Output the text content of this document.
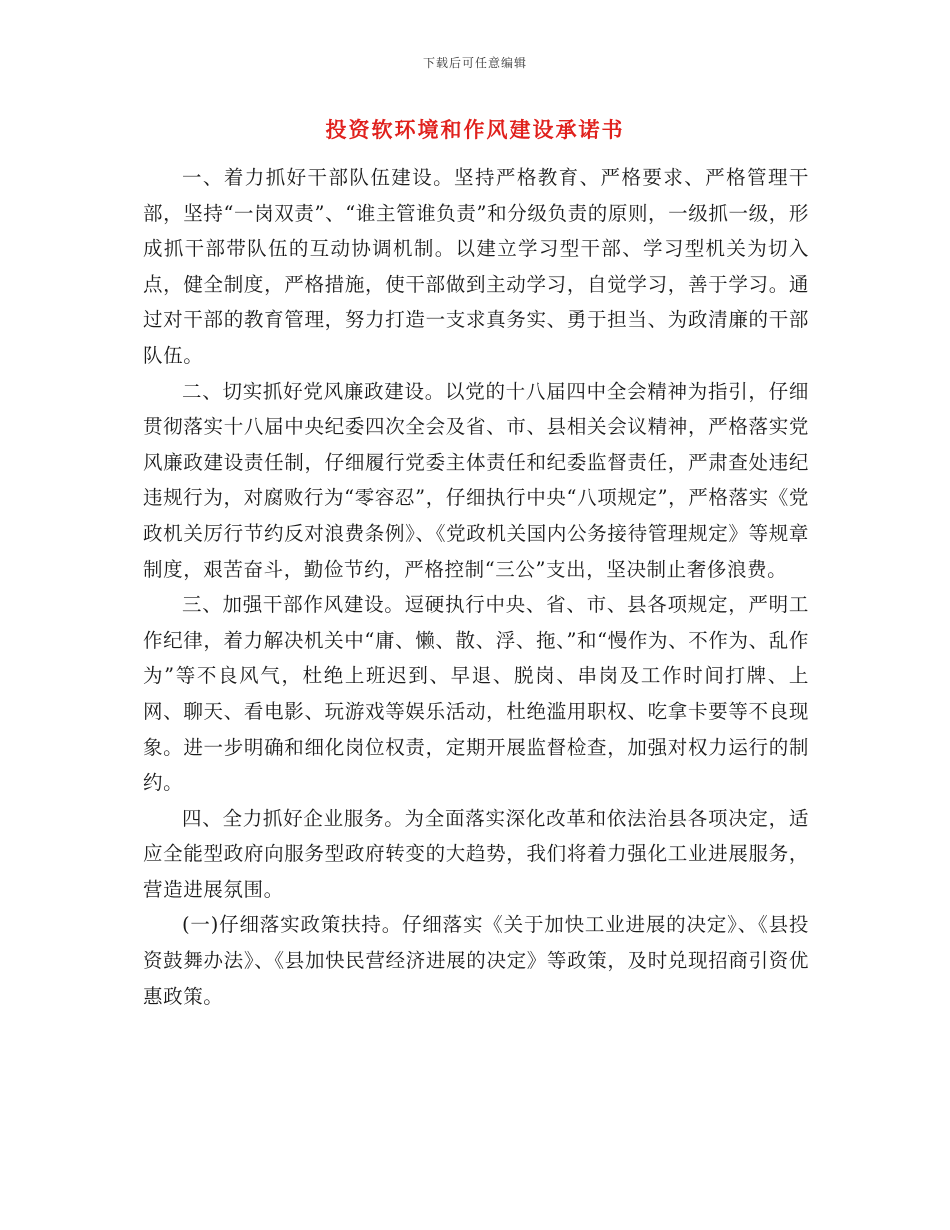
下载后可任意编辑
投资软环境和作风建设承诺书

一、着力抓好干部队伍建设。坚持严格教育、严格要求、严格管理干部，坚持“一岗双责”、“谁主管谁负责”和分级负责的原则，一级抓一级，形成抓干部带队伍的互动协调机制。以建立学习型干部、学习型机关为切入点，健全制度，严格措施，使干部做到主动学习，自觉学习，善于学习。通过对干部的教育管理，努力打造一支求真务实、勇于担当、为政清廉的干部队伍。

二、切实抓好党风廉政建设。以党的十八届四中全会精神为指引，仔细贯彻落实十八届中央纪委四次全会及省、市、县相关会议精神，严格落实党风廉政建设责任制，仔细履行党委主体责任和纪委监督责任，严肃查处违纪违规行为，对腐败行为“零容忍”，仔细执行中央“八项规定”，严格落实《党政机关厉行节约反对浪费条例》、《党政机关国内公务接待管理规定》等规章制度，艰苦奋斗，勤俭节约，严格控制“三公”支出，坚决制止奢侈浪费。

三、加强干部作风建设。逗硬执行中央、省、市、县各项规定，严明工作纪律，着力解决机关中“庸、懒、散、浮、拖、”和“慢作为、不作为、乱作为”等不良风气，杜绝上班迟到、早退、脱岗、串岗及工作时间打牌、上网、聊天、看电影、玩游戏等娱乐活动，杜绝滥用职权、吃拿卡要等不良现象。进一步明确和细化岗位权责，定期开展监督检查，加强对权力运行的制约。

四、全力抓好企业服务。为全面落实深化改革和依法治县各项决定，适应全能型政府向服务型政府转变的大趋势，我们将着力强化工业进展服务，营造进展氛围。

(一)仔细落实政策扶持。仔细落实《关于加快工业进展的决定》、《县投资鼓舞办法》、《县加快民营经济进展的决定》等政策，及时兑现招商引资优惠政策。
